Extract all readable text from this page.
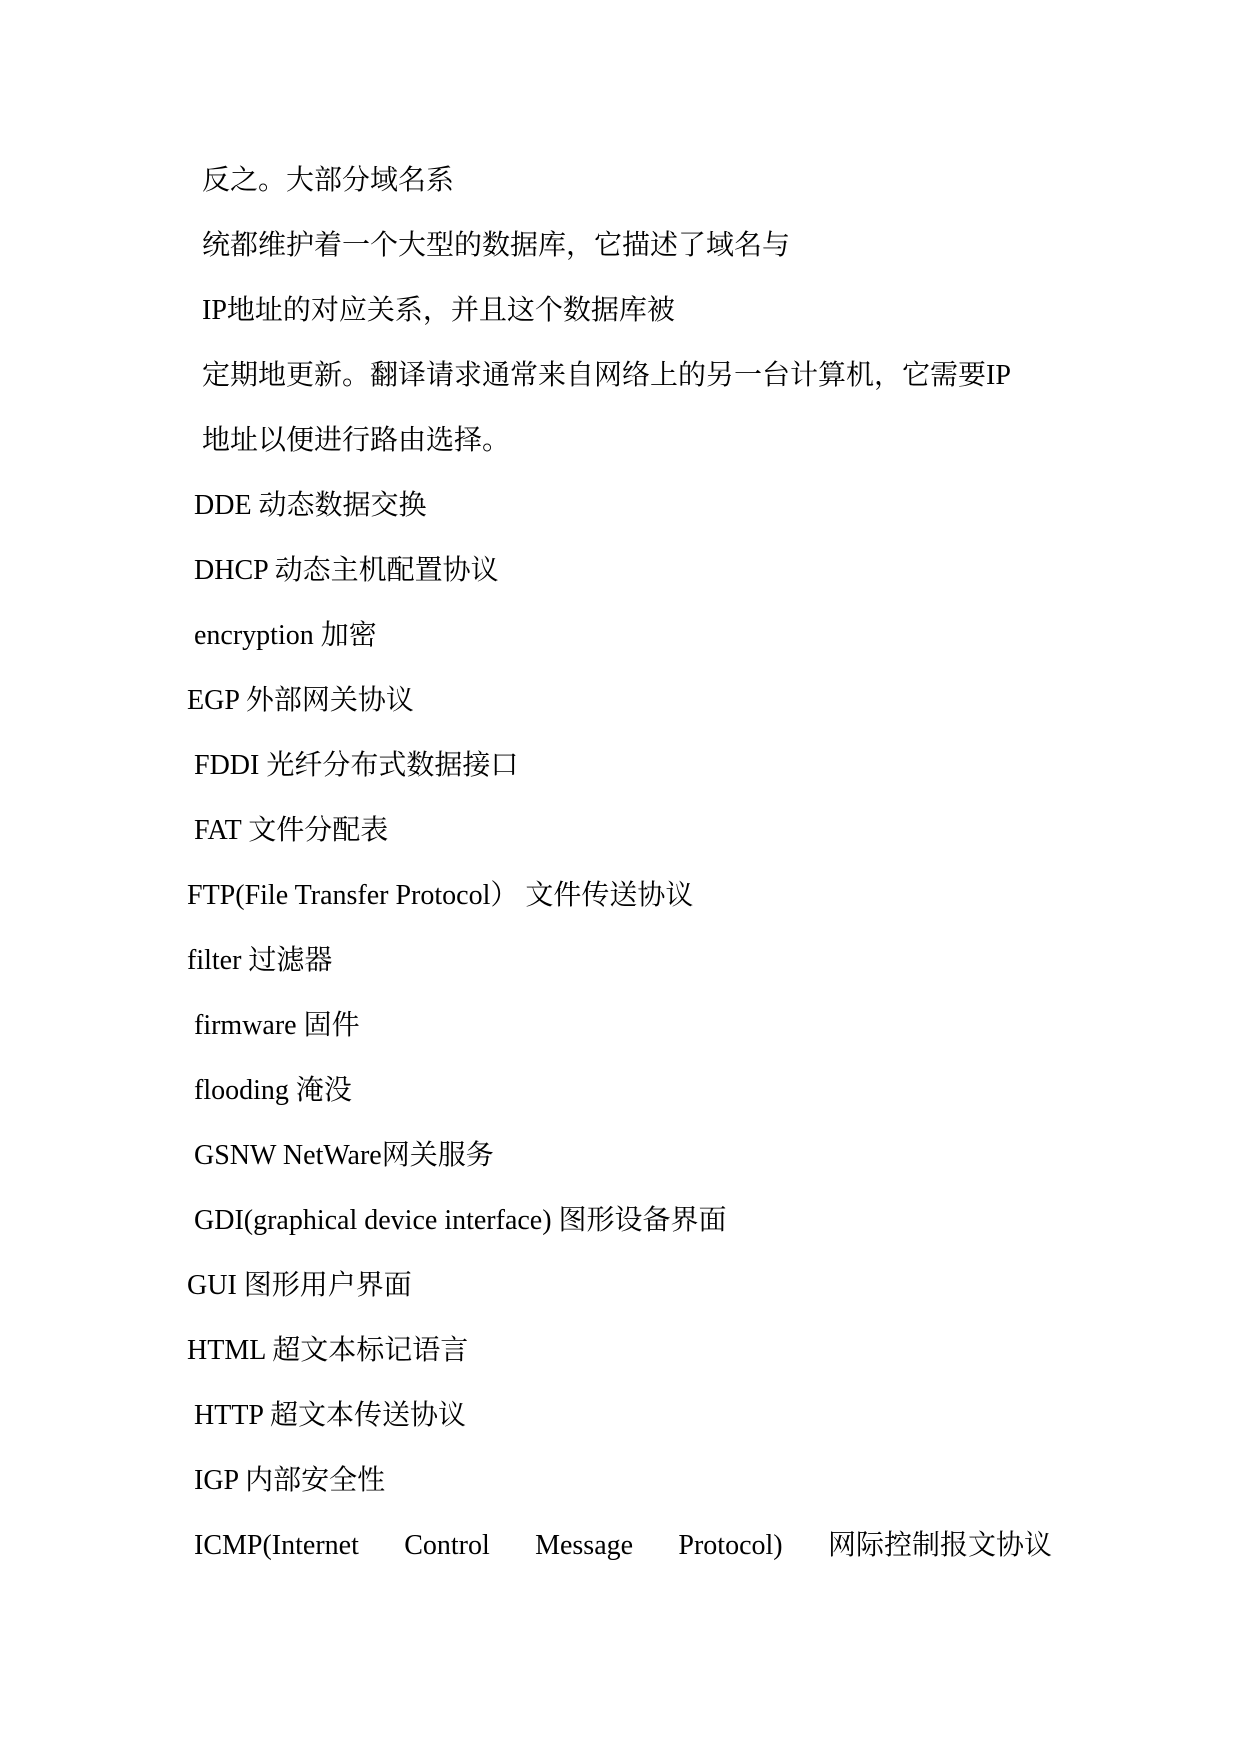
反之。大部分域名系
统都维护着一个大型的数据库，它描述了域名与
IP地址的对应关系，并且这个数据库被
定期地更新。翻译请求通常来自网络上的另一台计算机，它需要IP
地址以便进行路由选择。
DDE 动态数据交换
DHCP 动态主机配置协议
encryption 加密
EGP 外部网关协议
FDDI 光纤分布式数据接口
FAT 文件分配表
FTP(File Transfer Protocol） 文件传送协议
filter 过滤器
firmware 固件
flooding 淹没
GSNW NetWare网关服务
GDI(graphical device interface) 图形设备界面
GUI 图形用户界面
HTML 超文本标记语言
HTTP 超文本传送协议
IGP 内部安全性
ICMP(Internet Control Message Protocol) 网际控制报文协议
